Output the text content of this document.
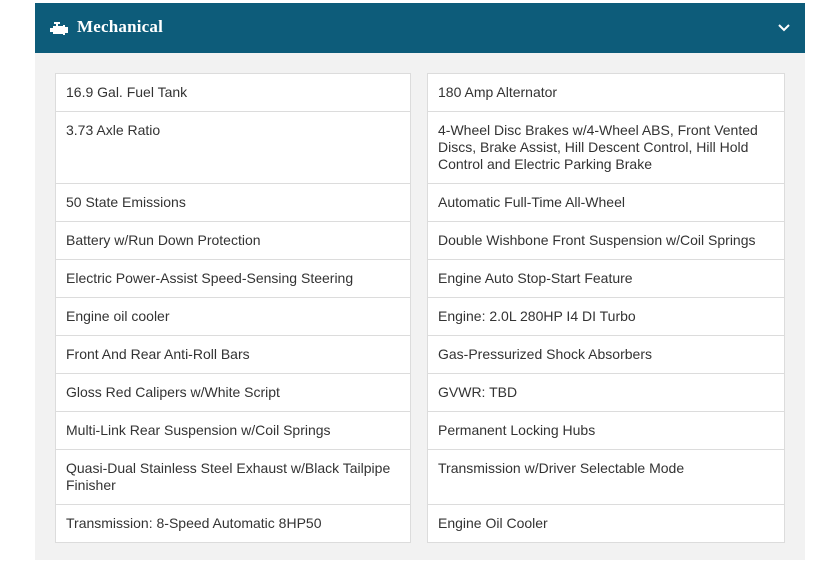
Mechanical
16.9 Gal. Fuel Tank
3.73 Axle Ratio
50 State Emissions
Battery w/Run Down Protection
Electric Power-Assist Speed-Sensing Steering
Engine oil cooler
Front And Rear Anti-Roll Bars
Gloss Red Calipers w/White Script
Multi-Link Rear Suspension w/Coil Springs
Quasi-Dual Stainless Steel Exhaust w/Black Tailpipe Finisher
Transmission: 8-Speed Automatic 8HP50
180 Amp Alternator
4-Wheel Disc Brakes w/4-Wheel ABS, Front Vented Discs, Brake Assist, Hill Descent Control, Hill Hold Control and Electric Parking Brake
Automatic Full-Time All-Wheel
Double Wishbone Front Suspension w/Coil Springs
Engine Auto Stop-Start Feature
Engine: 2.0L 280HP I4 DI Turbo
Gas-Pressurized Shock Absorbers
GVWR: TBD
Permanent Locking Hubs
Transmission w/Driver Selectable Mode
Engine Oil Cooler
